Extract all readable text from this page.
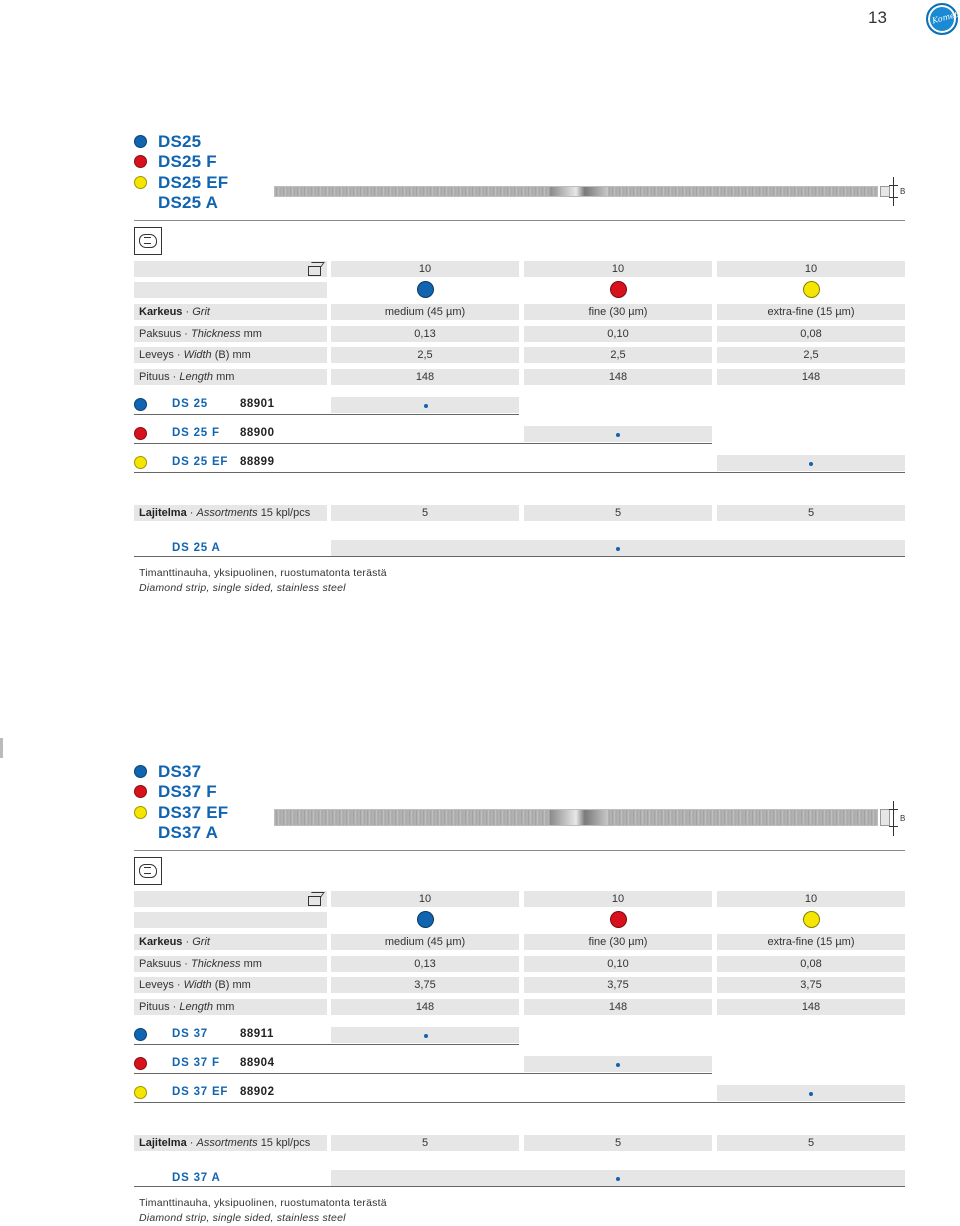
13	Komet
DS25
DS25 F
DS25 EF
DS25 A
B
10	10	10
Karkeus · Grit	medium (45 µm)	fine (30 µm)	extra-fine (15 µm)
Paksuus · Thickness mm	0,13	0,10	0,08
Leveys · Width (B) mm	2,5	2,5	2,5
Pituus · Length mm	148	148	148
DS 25	88901
DS 25 F 88900
DS 25 EF 88899
Lajitelma · Assortments 15 kpl/pcs	5	5	5
DS 25 A
Timanttinauha, yksipuolinen, ruostumatonta terästä
Diamond strip, single sided, stainless steel
DS37
DS37 F
DS37 EF
DS37 A
B
10	10	10
Karkeus · Grit	medium (45 µm)	fine (30 µm)	extra-fine (15 µm)
Paksuus · Thickness mm	0,13	0,10	0,08
Leveys · Width (B) mm	3,75	3,75	3,75
Pituus · Length mm	148	148	148
DS 37	88911
DS 37 F 88904
DS 37 EF 88902
Lajitelma · Assortments 15 kpl/pcs	5	5	5
DS 37 A
Timanttinauha, yksipuolinen, ruostumatonta terästä
Diamond strip, single sided, stainless steel
